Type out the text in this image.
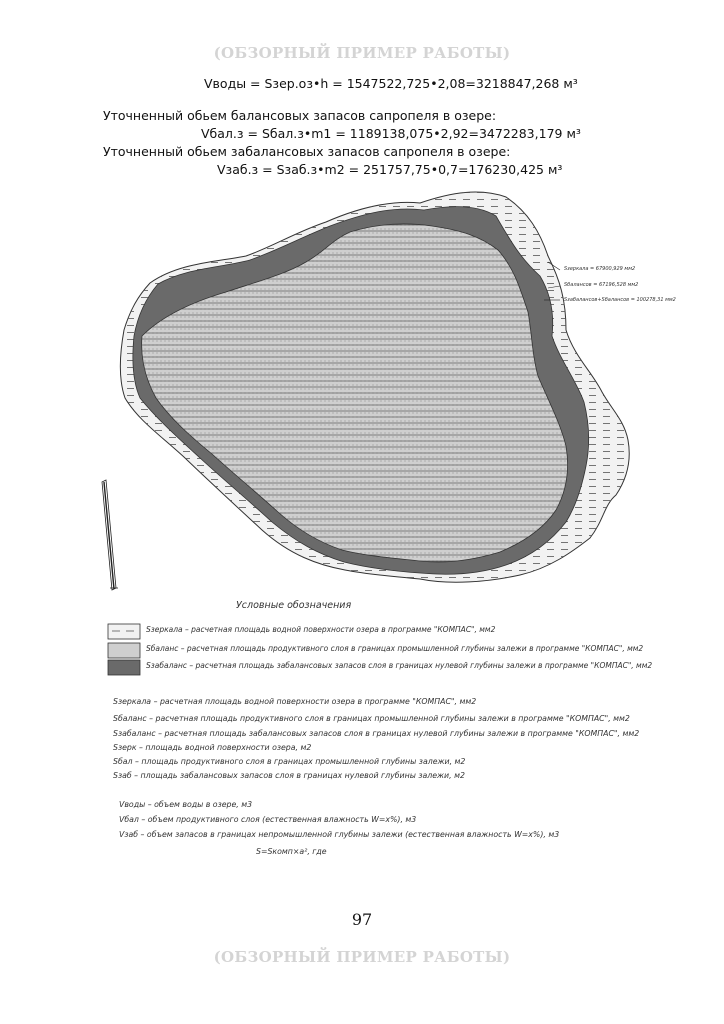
(ОБЗОРНЫЙ ПРИМЕР РАБОТЫ)
Vводы = Sзер.оз•h = 1547522,725•2,08=3218847,268 м³
Уточненный обьем балансовых запасов сапропеля в озере:
Vбал.з = Sбал.з•m1 = 1189138,075•2,92=3472283,179 м³
Уточненный обьем забалансовых запасов сапропеля в озере:
Vзаб.з = Sзаб.з•m2 = 251757,75•0,7=176230,425 м³
Sзеркала = 67900,929 мм2
Sбалансов = 67196,528 мм2
Sзабалансов+Sбалансов = 100278,31 мм2
Условные обозначения
Sзеркала – расчетная площадь водной поверхности озера в программе "КОМПАС", мм2
Sбаланс – расчетная площадь продуктивного слоя в границах промышленной глубины залежи в программе "КОМПАС", мм2
Sзабаланс – расчетная площадь забалансовых запасов слоя в границах нулевой глубины залежи в программе "КОМПАС", мм2
Sзеркала – расчетная площадь водной поверхности озера в программе "КОМПАС", мм2
Sбаланс – расчетная площадь продуктивного слоя в границах промышленной глубины залежи в программе "КОМПАС", мм2
Sзабаланс – расчетная площадь забалансовых запасов слоя в границах нулевой глубины залежи в программе "КОМПАС", мм2
Sзерк – площадь водной поверхности озера, м2
Sбал – площадь продуктивного слоя в границах промышленной глубины залежи, м2
Sзаб – площадь забалансовых запасов слоя в границах нулевой глубины залежи, м2
Vводы – объем воды в озере, м3
Vбал – объем продуктивного слоя (естественная влажность W=x%), м3
Vзаб – объем запасов в границах непромышленной глубины залежи (естественная влажность W=x%), м3
S=Sкомп×а², где
97
(ОБЗОРНЫЙ ПРИМЕР РАБОТЫ)
